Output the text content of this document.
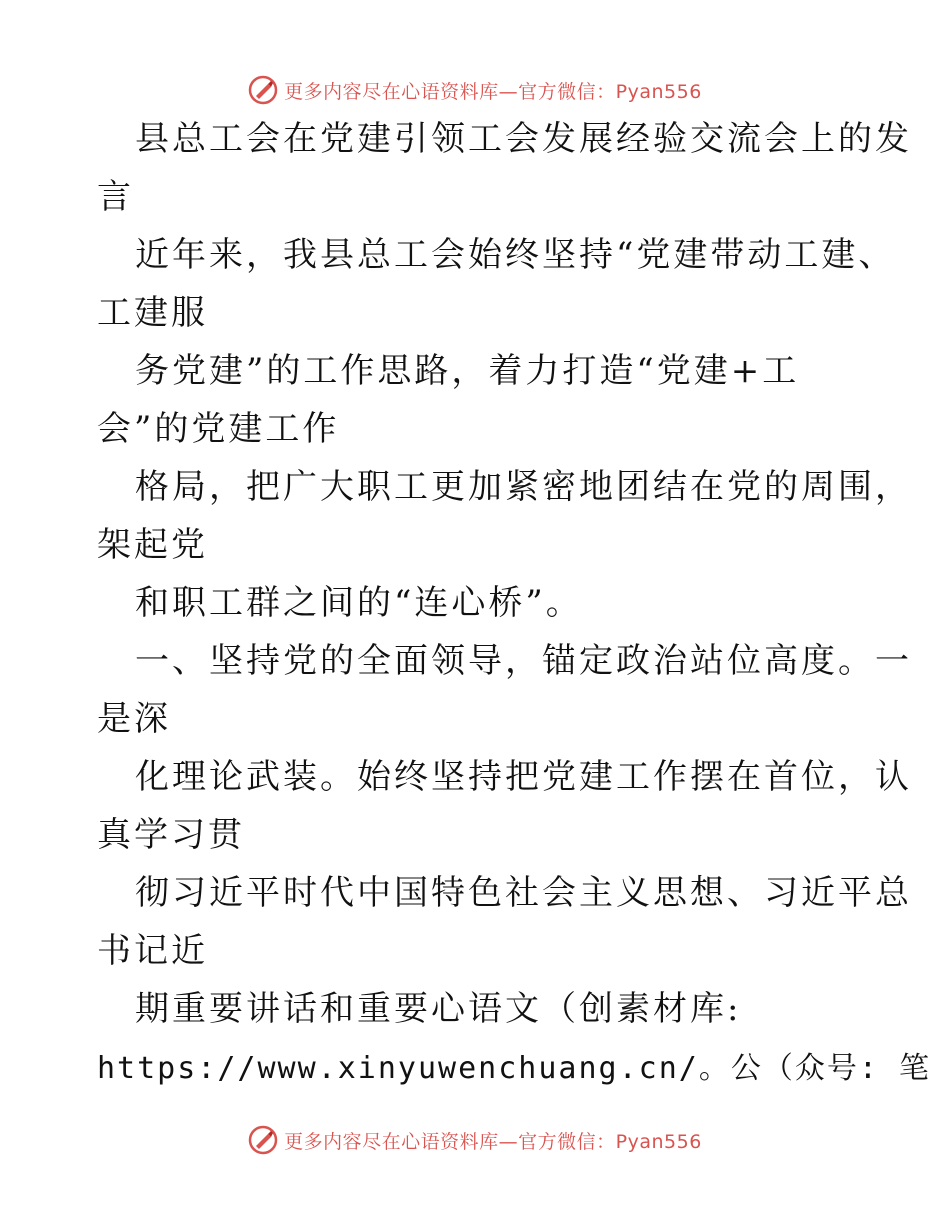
更多内容尽在心语资料库—官方微信：Pyan556
县总工会在党建引领工会发展经验交流会上的发
言
近年来，我县总工会始终坚持“党建带动工建、
工建服
务党建”的工作思路，着力打造“党建+工
会”的党建工作
格局，把广大职工更加紧密地团结在党的周围，
架起党
和职工群之间的“连心桥”。
一、坚持党的全面领导，锚定政治站位高度。一
是深
化理论武装。始终坚持把党建工作摆在首位，认
真学习贯
彻习近平时代中国特色社会主义思想、习近平总
书记近
期重要讲话和重要心语文（创素材库:
https://www.xinyuwenchuang.cn/。公（众号: 笔
更多内容尽在心语资料库—官方微信：Pyan556
